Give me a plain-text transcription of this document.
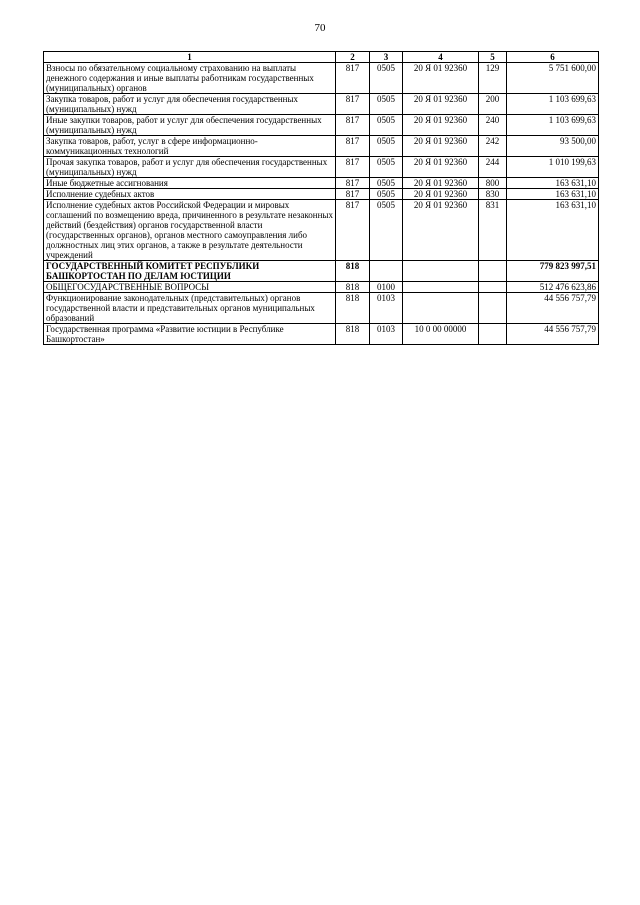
70
1	2	3	4	5	6
Взносы по обязательному социальному страхованию на выплаты денежного содержания и иные выплаты работникам государственных (муниципальных) органов	817	0505	20 Я 01 92360	129	5 751 600,00
Закупка товаров, работ и услуг для обеспечения государственных (муниципальных) нужд	817	0505	20 Я 01 92360	200	1 103 699,63
Иные закупки товаров, работ и услуг для обеспечения государственных (муниципальных) нужд	817	0505	20 Я 01 92360	240	1 103 699,63
Закупка товаров, работ, услуг в сфере информационно-коммуникационных технологий	817	0505	20 Я 01 92360	242	93 500,00
Прочая закупка товаров, работ и услуг для обеспечения государственных (муниципальных) нужд	817	0505	20 Я 01 92360	244	1 010 199,63
Иные бюджетные ассигнования	817	0505	20 Я 01 92360	800	163 631,10
Исполнение судебных актов	817	0505	20 Я 01 92360	830	163 631,10
Исполнение судебных актов Российской Федерации и мировых соглашений по возмещению вреда, причиненного в результате незаконных действий (бездействия) органов государственной власти (государственных органов), органов местного самоуправления либо должностных лиц этих органов, а также в результате деятельности учреждений	817	0505	20 Я 01 92360	831	163 631,10
ГОСУДАРСТВЕННЫЙ КОМИТЕТ РЕСПУБЛИКИ БАШКОРТОСТАН ПО ДЕЛАМ ЮСТИЦИИ	818				779 823 997,51
ОБЩЕГОСУДАРСТВЕННЫЕ ВОПРОСЫ	818	0100			512 476 623,86
Функционирование законодательных (представительных) органов государственной власти и представительных органов муниципальных образований	818	0103			44 556 757,79
Государственная программа «Развитие юстиции в Республике Башкортостан»	818	0103	10 0 00 00000		44 556 757,79
